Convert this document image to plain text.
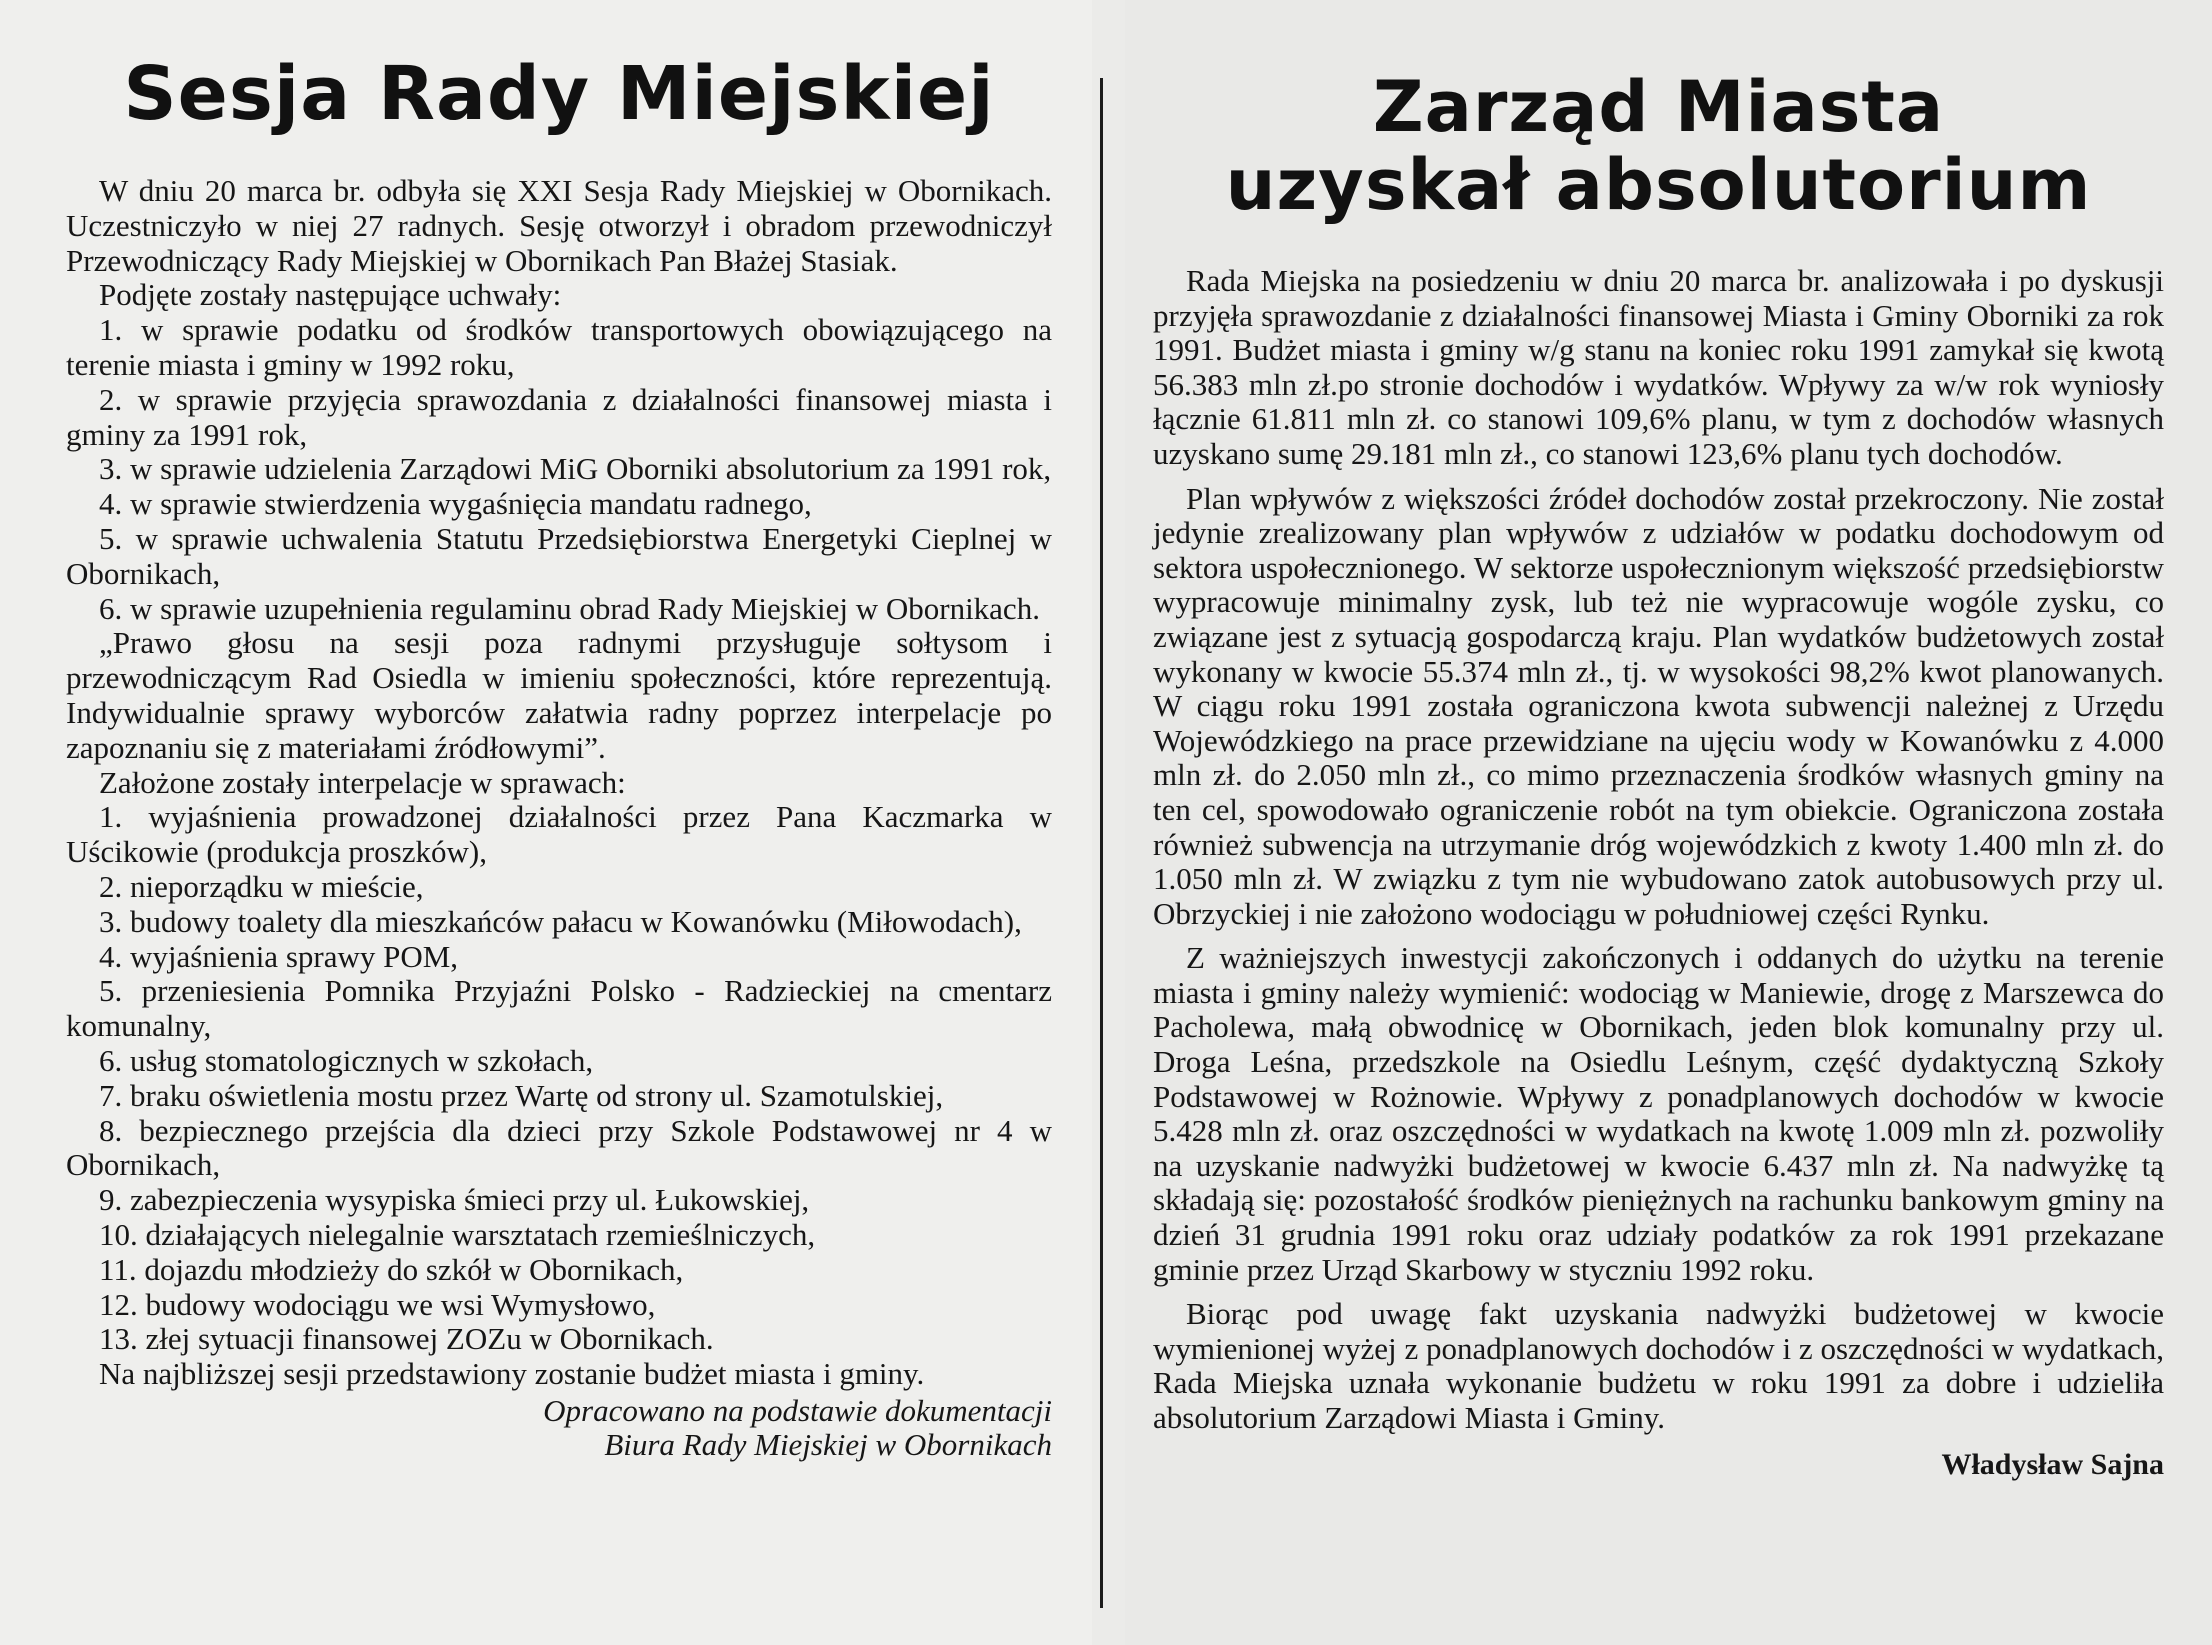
Sesja Rady Miejskiej

W dniu 20 marca br. odbyła się XXI Sesja Rady Miejskiej w Obornikach. Uczestniczyło w niej 27 radnych. Sesję otworzył i obradom przewodniczył Przewodniczący Rady Miejskiej w Obornikach Pan Błażej Stasiak.

Podjęte zostały następujące uchwały:

1. w sprawie podatku od środków transportowych obowiązującego na terenie miasta i gminy w 1992 roku,
2. w sprawie przyjęcia sprawozdania z działalności finansowej miasta i gminy za 1991 rok,
3. w sprawie udzielenia Zarządowi MiG Oborniki absolutorium za 1991 rok,
4. w sprawie stwierdzenia wygaśnięcia mandatu radnego,
5. w sprawie uchwalenia Statutu Przedsiębiorstwa Energetyki Cieplnej w Obornikach,
6. w sprawie uzupełnienia regulaminu obrad Rady Miejskiej w Obornikach.

„Prawo głosu na sesji poza radnymi przysługuje sołtysom i przewodniczącym Rad Osiedla w imieniu społeczności, które reprezentują. Indywidualnie sprawy wyborców załatwia radny poprzez interpelacje po zapoznaniu się z materiałami źródłowymi”.

Założone zostały interpelacje w sprawach:

1. wyjaśnienia prowadzonej działalności przez Pana Kaczmarka w Uścikowie (produkcja proszków),
2. nieporządku w mieście,
3. budowy toalety dla mieszkańców pałacu w Kowanówku (Miłowodach),
4. wyjaśnienia sprawy POM,
5. przeniesienia Pomnika Przyjaźni Polsko - Radzieckiej na cmentarz komunalny,
6. usług stomatologicznych w szkołach,
7. braku oświetlenia mostu przez Wartę od strony ul. Szamotulskiej,
8. bezpiecznego przejścia dla dzieci przy Szkole Podstawowej nr 4 w Obornikach,
9. zabezpieczenia wysypiska śmieci przy ul. Łukowskiej,
10. działających nielegalnie warsztatach rzemieślniczych,
11. dojazdu młodzieży do szkół w Obornikach,
12. budowy wodociągu we wsi Wymysłowo,
13. złej sytuacji finansowej ZOZu w Obornikach.

Na najbliższej sesji przedstawiony zostanie budżet miasta i gminy.

Opracowano na podstawie dokumentacji
Biura Rady Miejskiej w Obornikach
Zarząd Miasta
uzyskał absolutorium

Rada Miejska na posiedzeniu w dniu 20 marca br. analizowała i po dyskusji przyjęła sprawozdanie z działalności finansowej Miasta i Gminy Oborniki za rok 1991. Budżet miasta i gminy w/g stanu na koniec roku 1991 zamykał się kwotą 56.383 mln zł.po stronie dochodów i wydatków. Wpływy za w/w rok wyniosły łącznie 61.811 mln zł. co stanowi 109,6% planu, w tym z dochodów własnych uzyskano sumę 29.181 mln zł., co stanowi 123,6% planu tych dochodów.

Plan wpływów z większości źródeł dochodów został przekroczony. Nie został jedynie zrealizowany plan wpływów z udziałów w podatku dochodowym od sektora uspołecznionego. W sektorze uspołecznionym większość przedsiębiorstw wypracowuje minimalny zysk, lub też nie wypracowuje wogóle zysku, co związane jest z sytuacją gospodarczą kraju. Plan wydatków budżetowych został wykonany w kwocie 55.374 mln zł., tj. w wysokości 98,2% kwot planowanych. W ciągu roku 1991 została ograniczona kwota subwencji należnej z Urzędu Wojewódzkiego na prace przewidziane na ujęciu wody w Kowanówku z 4.000 mln zł. do 2.050 mln zł., co mimo przeznaczenia środków własnych gminy na ten cel, spowodowało ograniczenie robót na tym obiekcie. Ograniczona została również subwencja na utrzymanie dróg wojewódzkich z kwoty 1.400 mln zł. do 1.050 mln zł. W związku z tym nie wybudowano zatok autobusowych przy ul. Obrzyckiej i nie założono wodociągu w południowej części Rynku.

Z ważniejszych inwestycji zakończonych i oddanych do użytku na terenie miasta i gminy należy wymienić: wodociąg w Maniewie, drogę z Marszewca do Pacholewa, małą obwodnicę w Obornikach, jeden blok komunalny przy ul. Droga Leśna, przedszkole na Osiedlu Leśnym, część dydaktyczną Szkoły Podstawowej w Rożnowie. Wpływy z ponadplanowych dochodów w kwocie 5.428 mln zł. oraz oszczędności w wydatkach na kwotę 1.009 mln zł. pozwoliły na uzyskanie nadwyżki budżetowej w kwocie 6.437 mln zł. Na nadwyżkę tą składają się: pozostałość środków pieniężnych na rachunku bankowym gminy na dzień 31 grudnia 1991 roku oraz udziały podatków za rok 1991 przekazane gminie przez Urząd Skarbowy w styczniu 1992 roku.

Biorąc pod uwagę fakt uzyskania nadwyżki budżetowej w kwocie wymienionej wyżej z ponadplanowych dochodów i z oszczędności w wydatkach, Rada Miejska uznała wykonanie budżetu w roku 1991 za dobre i udzieliła absolutorium Zarządowi Miasta i Gminy.

Władysław Sajna
